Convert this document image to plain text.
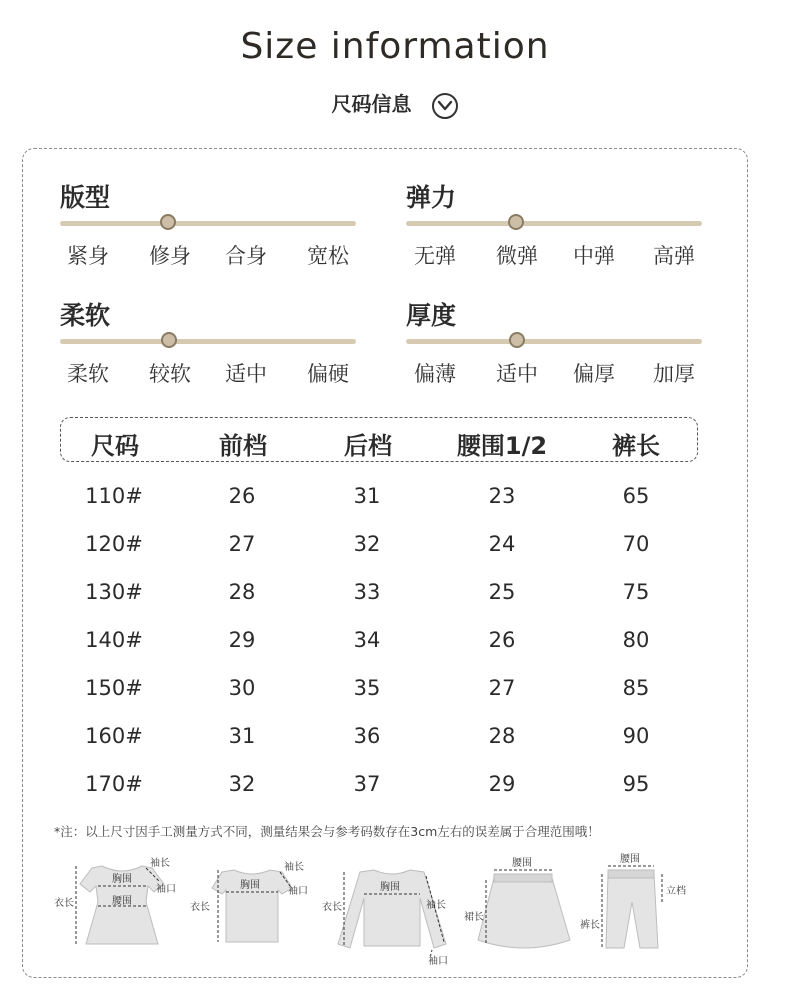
Size information
尺码信息
版型
紧身 修身 合身 宽松
弹力
无弹 微弹 中弹 高弹
柔软
柔软 较软 适中 偏硬
厚度
偏薄 适中 偏厚 加厚
尺码	前档	后档	腰围1/2	裤长
110#	26	31	23	65
120#	27	32	24	70
130#	28	33	25	75
140#	29	34	26	80
150#	30	35	27	85
160#	31	36	28	90
170#	32	37	29	95
*注：以上尺寸因手工测量方式不同，测量结果会与参考码数存在3cm左右的误差属于合理范围哦！
胸围
腰围
袖长
袖口
衣长
胸围
袖长
袖口
衣长
胸围
袖长
袖口
衣长
腰围
裙长
腰围
立档
裤长
